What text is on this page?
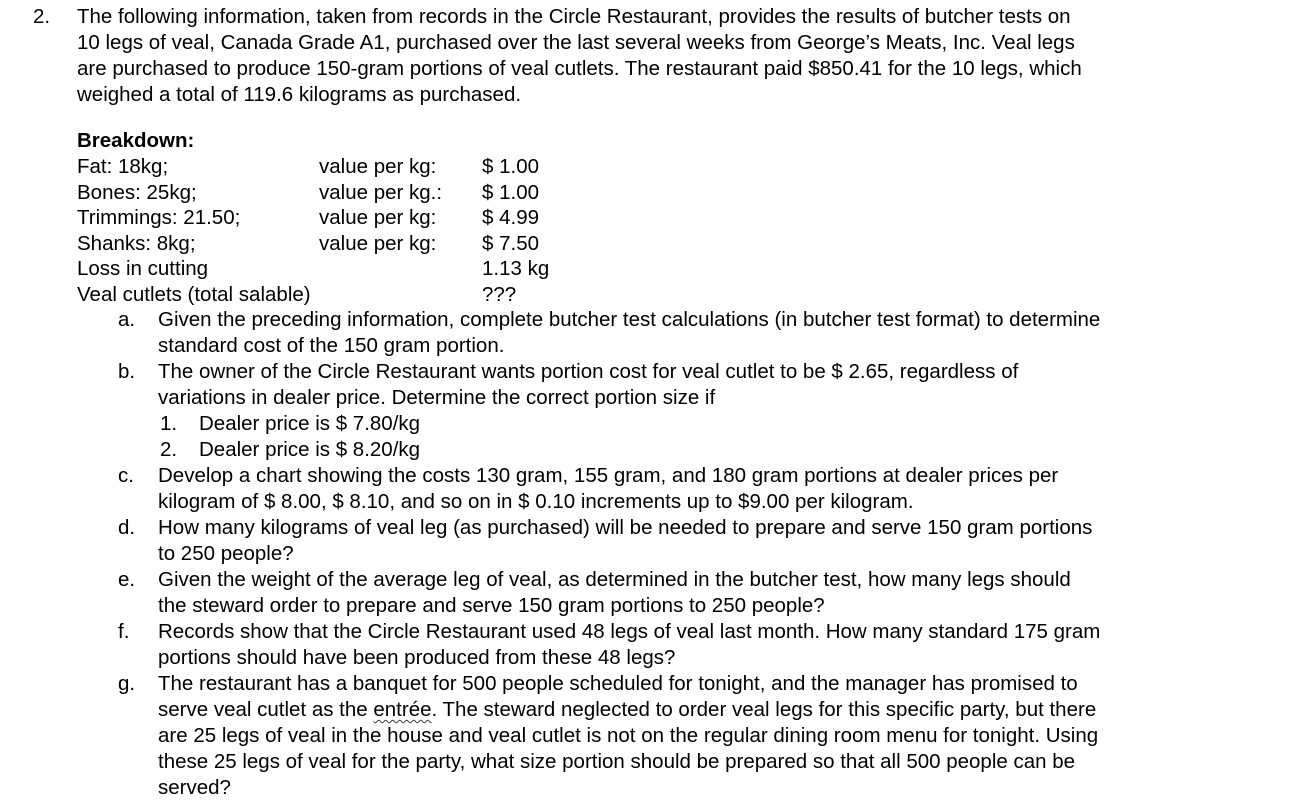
2. The following information, taken from records in the Circle Restaurant, provides the results of butcher tests on

10 legs of veal, Canada Grade A1, purchased over the last several weeks from George’s Meats, Inc. Veal legs

are purchased to produce 150-gram portions of veal cutlets. The restaurant paid $850.41 for the 10 legs, which

weighed a total of 119.6 kilograms as purchased.

Breakdown:
Fat: 18kg;	value per kg: $ 1.00
Bones: 25kg;	value per kg.: $ 1.00
Trimmings: 21.50;	value per kg: $ 4.99
Shanks: 8kg;	value per kg: $ 7.50
Loss in cutting	1.13 kg
Veal cutlets (total salable)	???
a. Given the preceding information, complete butcher test calculations (in butcher test format) to determine
standard cost of the 150 gram portion.
b. The owner of the Circle Restaurant wants portion cost for veal cutlet to be $ 2.65, regardless of
variations in dealer price. Determine the correct portion size if
1. Dealer price is $ 7.80/kg
2. Dealer price is $ 8.20/kg
c. Develop a chart showing the costs 130 gram, 155 gram, and 180 gram portions at dealer prices per
kilogram of $ 8.00, $ 8.10, and so on in $ 0.10 increments up to $9.00 per kilogram.
d. How many kilograms of veal leg (as purchased) will be needed to prepare and serve 150 gram portions
to 250 people?
e. Given the weight of the average leg of veal, as determined in the butcher test, how many legs should
the steward order to prepare and serve 150 gram portions to 250 people?
f. Records show that the Circle Restaurant used 48 legs of veal last month. How many standard 175 gram
portions should have been produced from these 48 legs?
g. The restaurant has a banquet for 500 people scheduled for tonight, and the manager has promised to
serve veal cutlet as the entrée. The steward neglected to order veal legs for this specific party, but there
are 25 legs of veal in the house and veal cutlet is not on the regular dining room menu for tonight. Using
these 25 legs of veal for the party, what size portion should be prepared so that all 500 people can be
served?
